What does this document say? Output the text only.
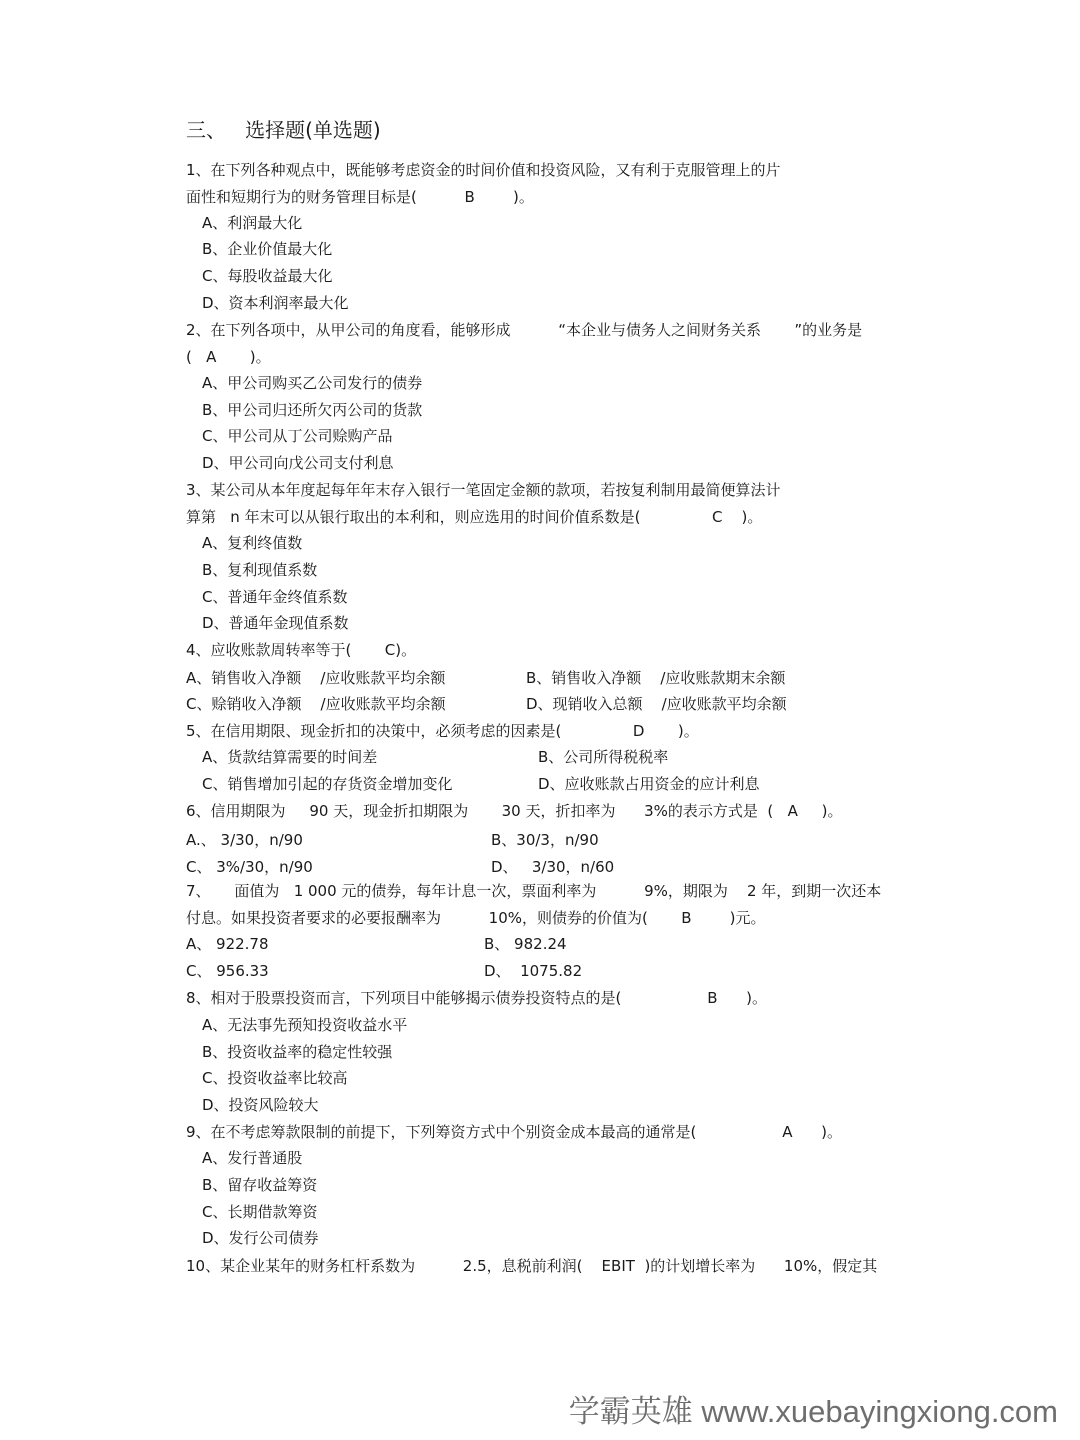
三、   选择题(单选题)
1、在下列各种观点中，既能够考虑资金的时间价值和投资风险，又有利于克服管理上的片
面性和短期行为的财务管理目标是(          B        )。
A、利润最大化
B、企业价值最大化
C、每股收益最大化
D、资本利润率最大化
2、在下列各项中，从甲公司的角度看，能够形成          “本企业与债务人之间财务关系       ”的业务是
(   A       )。
A、甲公司购买乙公司发行的债券
B、甲公司归还所欠丙公司的货款
C、甲公司从丁公司赊购产品
D、甲公司向戊公司支付利息
3、某公司从本年度起每年年末存入银行一笔固定金额的款项，若按复利制用最简便算法计
算第   n 年末可以从银行取出的本利和，则应选用的时间价值系数是(               C    )。
A、复利终值数
B、复利现值系数
C、普通年金终值系数
D、普通年金现值系数
4、应收账款周转率等于(       C)。
A、销售收入净额    /应收账款平均余额	B、销售收入净额    /应收账款期末余额
C、赊销收入净额    /应收账款平均余额	D、现销收入总额    /应收账款平均余额
5、在信用期限、现金折扣的决策中，必须考虑的因素是(               D       )。
A、货款结算需要的时间差	B、公司所得税税率
C、销售增加引起的存货资金增加变化	D、应收账款占用资金的应计利息
6、信用期限为     90 天，现金折扣期限为       30 天，折扣率为      3%的表示方式是  (   A     )。
A.、 3/30，n/90	B、30/3，n/90
C、 3%/30，n/90	D、   3/30，n/60
7、     面值为   1 000 元的债券，每年计息一次，票面利率为          9%，期限为    2 年，到期一次还本
付息。如果投资者要求的必要报酬率为          10%，则债券的价值为(       B        )元。
A、 922.78	B、 982.24
C、 956.33	D、  1075.82
8、相对于股票投资而言，下列项目中能够揭示债券投资特点的是(                  B      )。
A、无法事先预知投资收益水平
B、投资收益率的稳定性较强
C、投资收益率比较高
D、投资风险较大
9、在不考虑筹款限制的前提下，下列筹资方式中个别资金成本最高的通常是(                  A      )。
A、发行普通股
B、留存收益筹资
C、长期借款筹资
D、发行公司债券
10、某企业某年的财务杠杆系数为          2.5，息税前利润(    EBIT  )的计划增长率为      10%，假定其
学霸英雄 www.xuebayingxiong.com
